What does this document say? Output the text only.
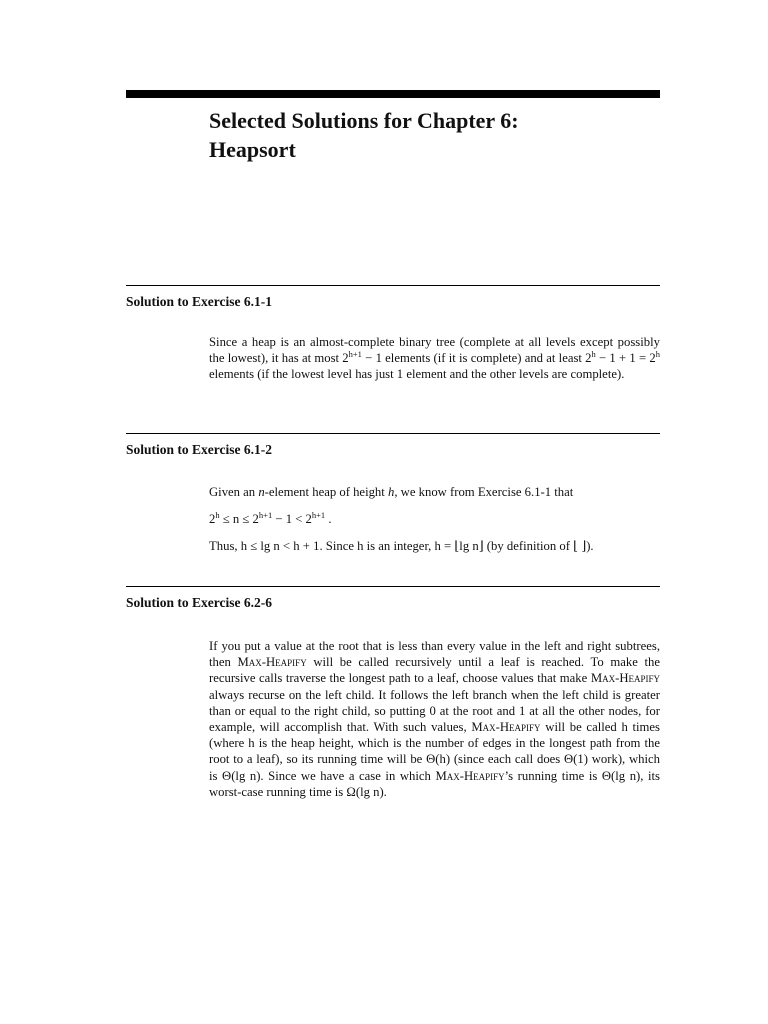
Selected Solutions for Chapter 6:
Heapsort
Solution to Exercise 6.1-1

Since a heap is an almost-complete binary tree (complete at all levels except possibly the lowest), it has at most $2^{h+1} - 1$ elements (if it is complete) and at least $2^h - 1 + 1 = 2^h$ elements (if the lowest level has just 1 element and the other levels are complete).

Solution to Exercise 6.1-2

Given an n-element heap of height h, we know from Exercise 6.1-1 that

$2^h \le n \le 2^{h+1} - 1 < 2^{h+1}$ .

Thus, h ≤ lg n < h + 1. Since h is an integer, h = ⌊lg n⌋ (by definition of ⌊ ⌋).

Solution to Exercise 6.2-6

If you put a value at the root that is less than every value in the left and right subtrees, then Max-Heapify will be called recursively until a leaf is reached. To make the recursive calls traverse the longest path to a leaf, choose values that make Max-Heapify always recurse on the left child. It follows the left branch when the left child is greater than or equal to the right child, so putting 0 at the root and 1 at all the other nodes, for example, will accomplish that. With such values, Max-Heapify will be called h times (where h is the heap height, which is the number of edges in the longest path from the root to a leaf), so its running time will be Θ(h) (since each call does Θ(1) work), which is Θ(lg n). Since we have a case in which Max-Heapify’s running time is Θ(lg n), its worst-case running time is Ω(lg n).
